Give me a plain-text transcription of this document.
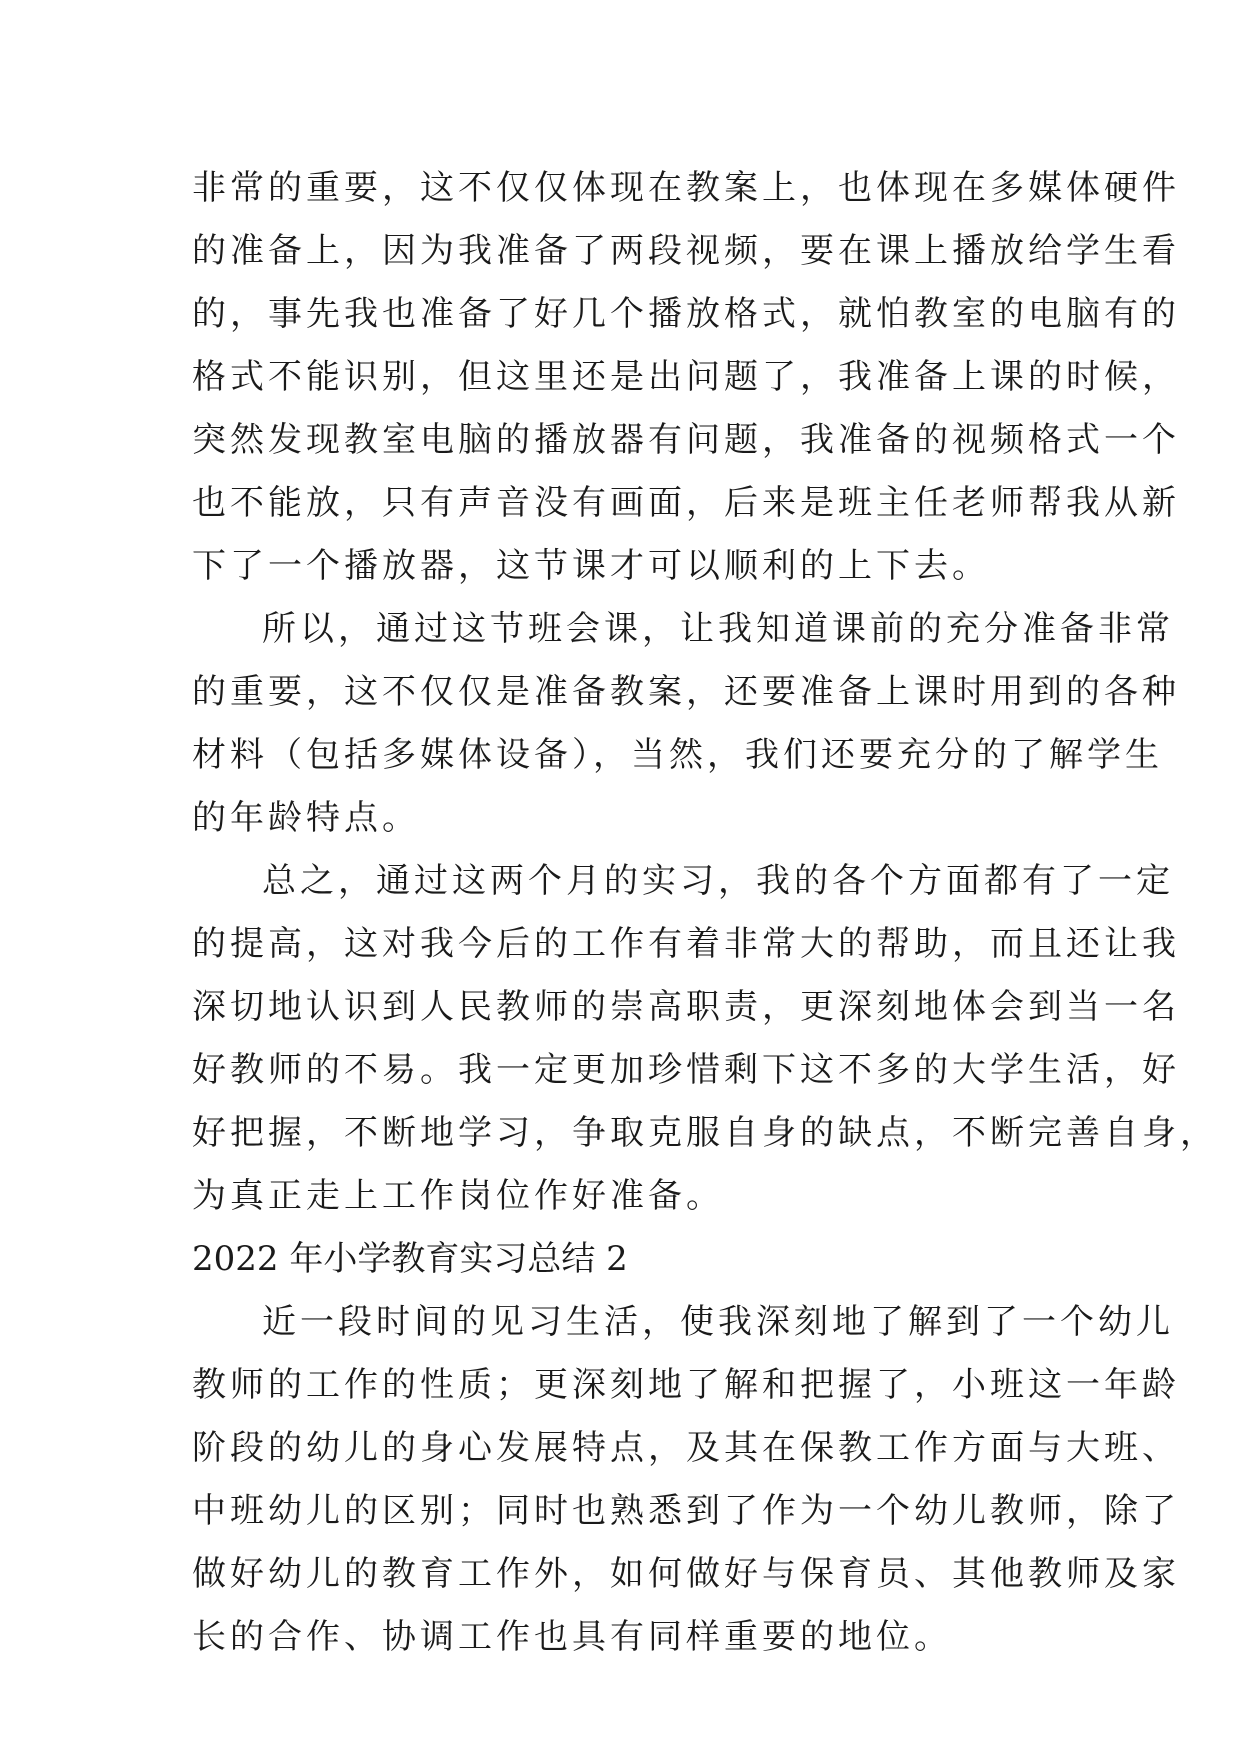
非常的重要，这不仅仅体现在教案上，也体现在多媒体硬件
的准备上，因为我准备了两段视频，要在课上播放给学生看
的，事先我也准备了好几个播放格式，就怕教室的电脑有的
格式不能识别，但这里还是出问题了，我准备上课的时候，
突然发现教室电脑的播放器有问题，我准备的视频格式一个
也不能放，只有声音没有画面，后来是班主任老师帮我从新
下了一个播放器，这节课才可以顺利的上下去。
所以，通过这节班会课，让我知道课前的充分准备非常
的重要，这不仅仅是准备教案，还要准备上课时用到的各种
材料（包括多媒体设备），当然，我们还要充分的了解学生
的年龄特点。
总之，通过这两个月的实习，我的各个方面都有了一定
的提高，这对我今后的工作有着非常大的帮助，而且还让我
深切地认识到人民教师的崇高职责，更深刻地体会到当一名
好教师的不易。我一定更加珍惜剩下这不多的大学生活，好
好把握，不断地学习，争取克服自身的缺点，不断完善自身，
为真正走上工作岗位作好准备。
2022 年小学教育实习总结 2
近一段时间的见习生活，使我深刻地了解到了一个幼儿
教师的工作的性质；更深刻地了解和把握了，小班这一年龄
阶段的幼儿的身心发展特点，及其在保教工作方面与大班、
中班幼儿的区别；同时也熟悉到了作为一个幼儿教师，除了
做好幼儿的教育工作外，如何做好与保育员、其他教师及家
长的合作、协调工作也具有同样重要的地位。
